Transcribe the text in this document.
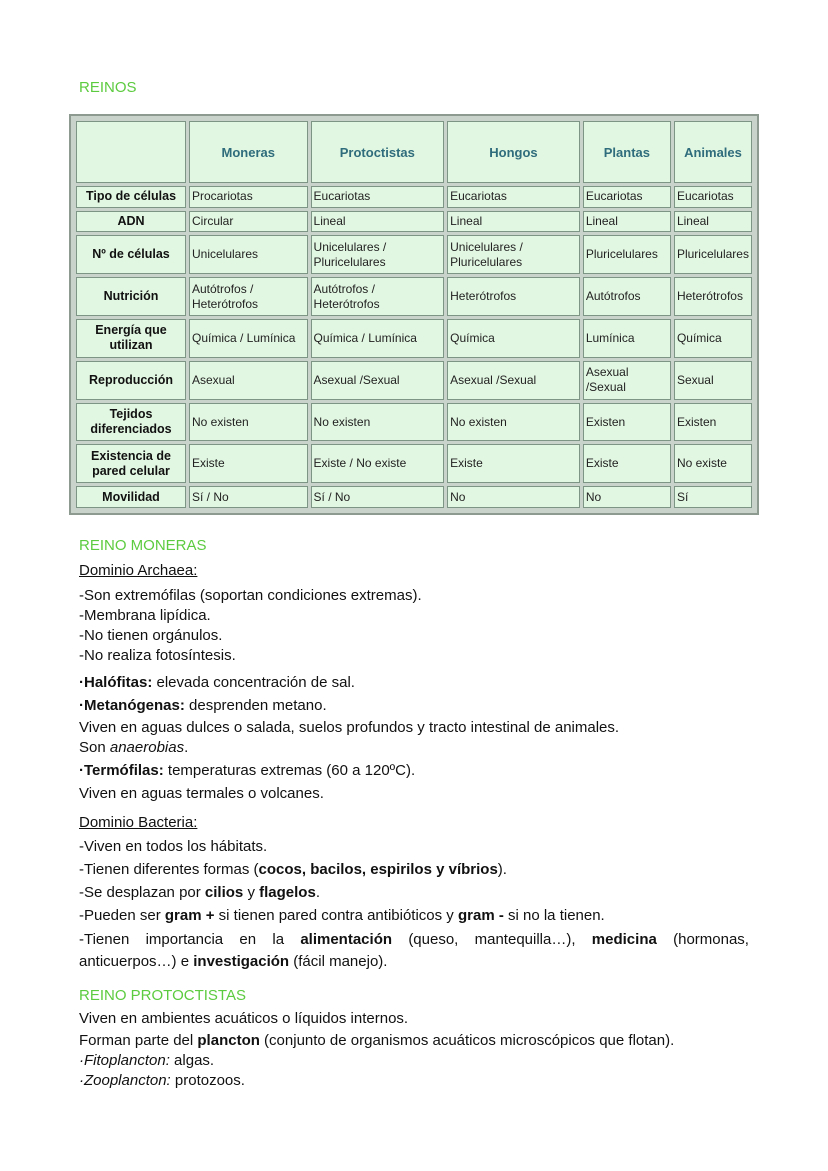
REINOS
	Moneras	Protoctistas	Hongos	Plantas	Animales
Tipo de células	Procariotas	Eucariotas	Eucariotas	Eucariotas	Eucariotas
ADN	Circular	Lineal	Lineal	Lineal	Lineal
Nº de células	Unicelulares	Unicelulares / Pluricelulares	Unicelulares / Pluricelulares	Pluricelulares	Pluricelulares
Nutrición	Autótrofos / Heterótrofos	Autótrofos / Heterótrofos	Heterótrofos	Autótrofos	Heterótrofos
Energía que utilizan	Química / Lumínica	Química / Lumínica	Química	Lumínica	Química
Reproducción	Asexual	Asexual /Sexual	Asexual /Sexual	Asexual /Sexual	Sexual
Tejidos diferenciados	No existen	No existen	No existen	Existen	Existen
Existencia de pared celular	Existe	Existe / No existe	Existe	Existe	No existe
Movilidad	Sí / No	Sí / No	No	No	Sí
REINO MONERAS

Dominio Archaea:

-Son extremófilas (soportan condiciones extremas).

-Membrana lipídica.

-No tienen orgánulos.

-No realiza fotosíntesis.

·Halófitas: elevada concentración de sal.

·Metanógenas: desprenden metano.

Viven en aguas dulces o salada, suelos profundos y tracto intestinal de animales.

Son anaerobias.

·Termófilas: temperaturas extremas (60 a 120ºC).

Viven en aguas termales o volcanes.

Dominio Bacteria:

-Viven en todos los hábitats.

-Tienen diferentes formas (cocos, bacilos, espirilos y víbrios).

-Se desplazan por cilios y flagelos.

-Pueden ser gram + si tienen pared contra antibióticos y gram - si no la tienen.

-Tienen importancia en la alimentación (queso, mantequilla…), medicina (hormonas, anticuerpos…) e investigación (fácil manejo).

REINO PROTOCTISTAS

Viven en ambientes acuáticos o líquidos internos.

Forman parte del plancton (conjunto de organismos acuáticos microscópicos que flotan).

·Fitoplancton: algas.

·Zooplancton: protozoos.
